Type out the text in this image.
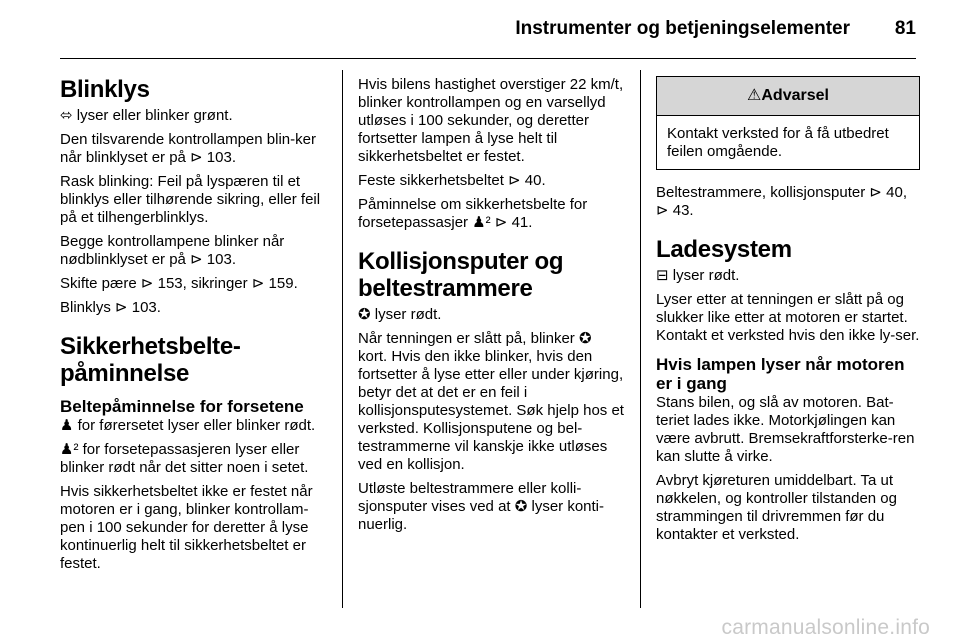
Instrumenter og betjeningselementer 81
Blinklys

⬄ lyser eller blinker grønt.

Den tilsvarende kontrollampen blin-ker når blinklyset er på ⊳ 103.

Rask blinking: Feil på lyspæren til et blinklys eller tilhørende sikring, eller feil på et tilhengerblinklys.

Begge kontrollampene blinker når nødblinklyset er på ⊳ 103.

Skifte pære ⊳ 153, sikringer ⊳ 159.

Blinklys ⊳ 103.

Sikkerhetsbelte-påminnelse
Beltepåminnelse for forsetene

♟ for førersetet lyser eller blinker rødt.

♟² for forsetepassasjeren lyser eller blinker rødt når det sitter noen i setet.

Hvis sikkerhetsbeltet ikke er festet når motoren er i gang, blinker kontrollam-pen i 100 sekunder for deretter å lyse kontinuerlig helt til sikkerhetsbeltet er festet.

Hvis bilens hastighet overstiger 22 km/t, blinker kontrollampen og en varsellyd utløses i 100 sekunder, og deretter fortsetter lampen å lyse helt til sikkerhetsbeltet er festet.

Feste sikkerhetsbeltet ⊳ 40.

Påminnelse om sikkerhetsbelte for forsetepassasjer ♟² ⊳ 41.

Kollisjonsputer og beltestrammere

✪ lyser rødt.

Når tenningen er slått på, blinker ✪ kort. Hvis den ikke blinker, hvis den fortsetter å lyse etter eller under kjøring, betyr det at det er en feil i kollisjonsputesystemet. Søk hjelp hos et verksted. Kollisjonsputene og bel-testrammerne vil kanskje ikke utløses ved en kollisjon.

Utløste beltestrammere eller kolli-sjonsputer vises ved at ✪ lyser konti-nuerlig.

⚠Advarsel
Kontakt verksted for å få utbedret feilen omgående.

Beltestrammere, kollisjonsputer ⊳ 40, ⊳ 43.

Ladesystem

⊟ lyser rødt.

Lyser etter at tenningen er slått på og slukker like etter at motoren er startet. Kontakt et verksted hvis den ikke ly-ser.

Hvis lampen lyser når motoren er i gang

Stans bilen, og slå av motoren. Bat-teriet lades ikke. Motorkjølingen kan være avbrutt. Bremsekraftforsterke-ren kan slutte å virke.

Avbryt kjøreturen umiddelbart. Ta ut nøkkelen, og kontroller tilstanden og strammingen til drivremmen før du kontakter et verksted.

carmanualsonline.info
